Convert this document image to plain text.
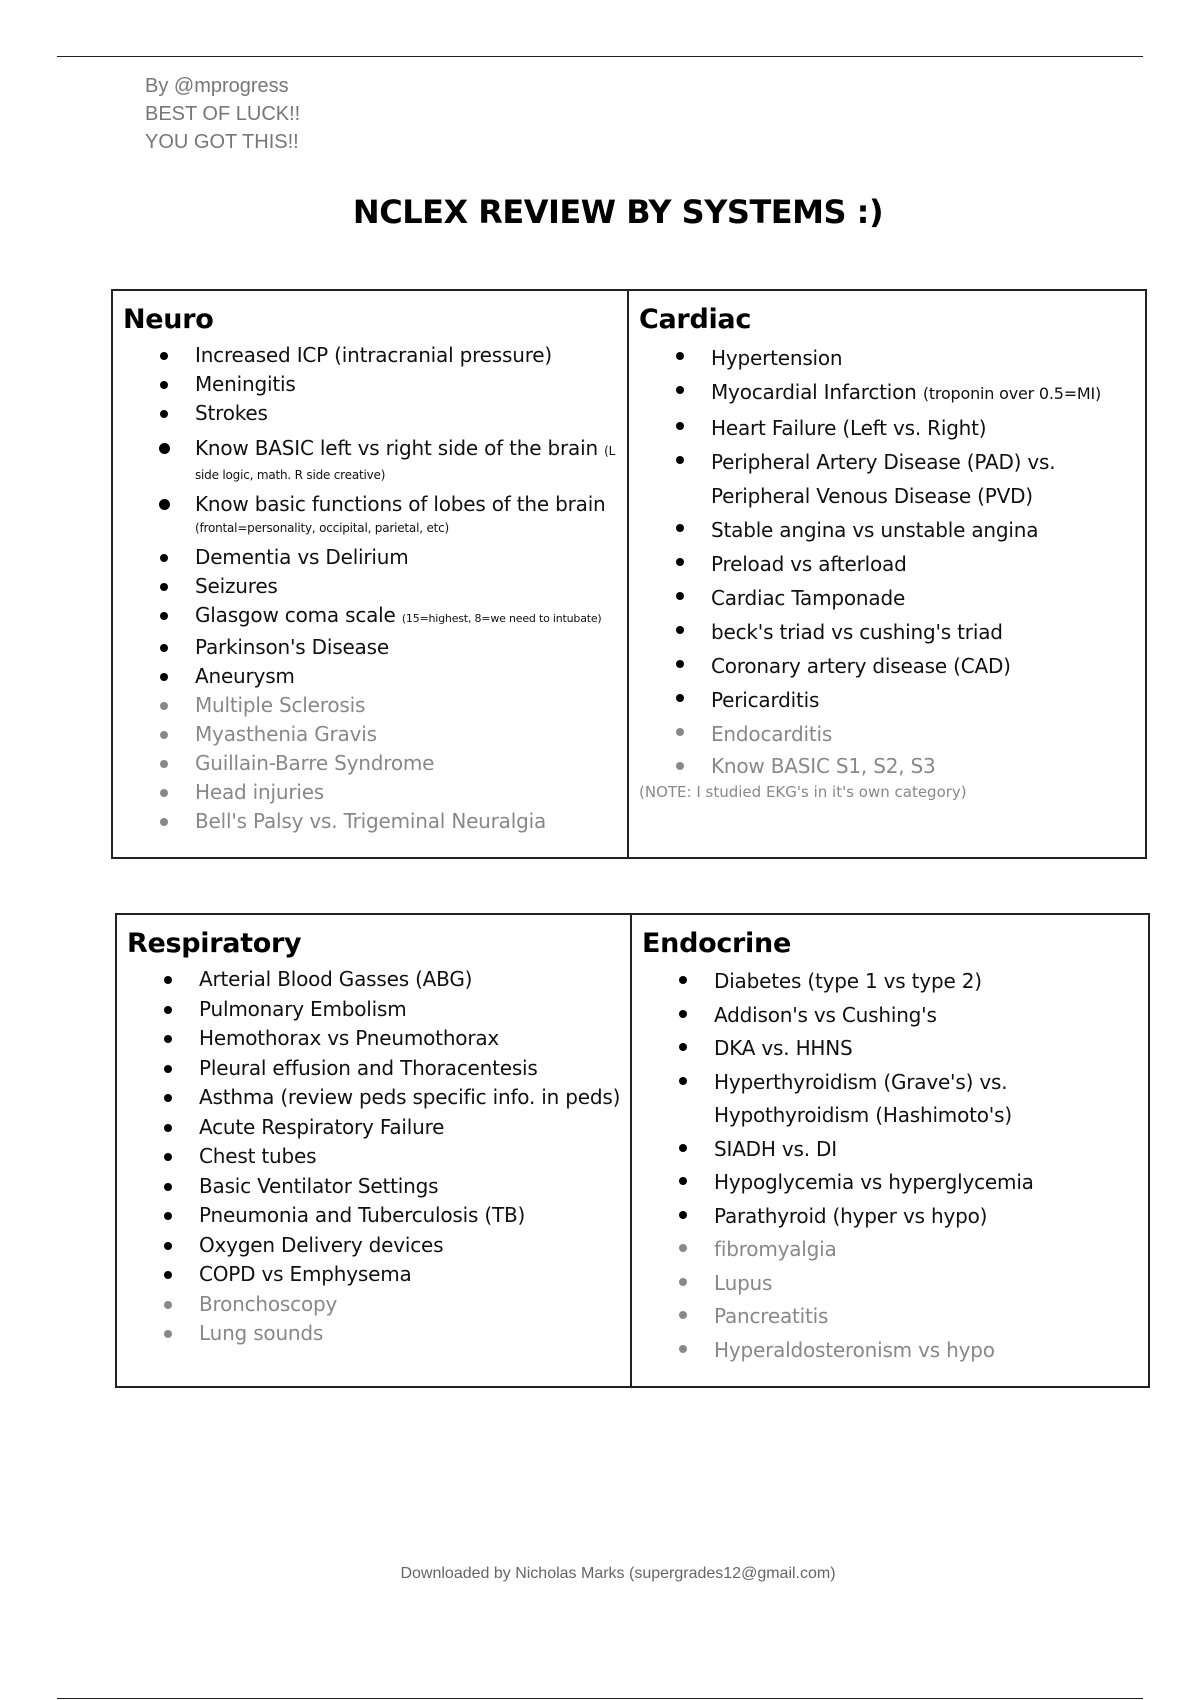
By @mprogress
BEST OF LUCK!!
YOU GOT THIS!!
NCLEX REVIEW BY SYSTEMS :)
Neuro
Increased ICP (intracranial pressure)
Meningitis
Strokes
Know BASIC left vs right side of the brain (L
side logic, math. R side creative)
Know basic functions of lobes of the brain
(frontal=personality, occipital, parietal, etc)
Dementia vs Delirium
Seizures
Glasgow coma scale (15=highest, 8=we need to intubate)
Parkinson's Disease
Aneurysm
Multiple Sclerosis
Myasthenia Gravis
Guillain-Barre Syndrome
Head injuries
Bell's Palsy vs. Trigeminal Neuralgia
Cardiac
Hypertension
Myocardial Infarction (troponin over 0.5=MI)
Heart Failure (Left vs. Right)
Peripheral Artery Disease (PAD) vs.
Peripheral Venous Disease (PVD)
Stable angina vs unstable angina
Preload vs afterload
Cardiac Tamponade
beck's triad vs cushing's triad
Coronary artery disease (CAD)
Pericarditis
Endocarditis
Know BASIC S1, S2, S3
(NOTE: I studied EKG's in it's own category)
Respiratory
Arterial Blood Gasses (ABG)
Pulmonary Embolism
Hemothorax vs Pneumothorax
Pleural effusion and Thoracentesis
Asthma (review peds specific info. in peds)
Acute Respiratory Failure
Chest tubes
Basic Ventilator Settings
Pneumonia and Tuberculosis (TB)
Oxygen Delivery devices
COPD vs Emphysema
Bronchoscopy
Lung sounds
Endocrine
Diabetes (type 1 vs type 2)
Addison's vs Cushing's
DKA vs. HHNS
Hyperthyroidism (Grave's) vs.
Hypothyroidism (Hashimoto's)
SIADH vs. DI
Hypoglycemia vs hyperglycemia
Parathyroid (hyper vs hypo)
fibromyalgia
Lupus
Pancreatitis
Hyperaldosteronism vs hypo
Downloaded by Nicholas Marks (supergrades12@gmail.com)
